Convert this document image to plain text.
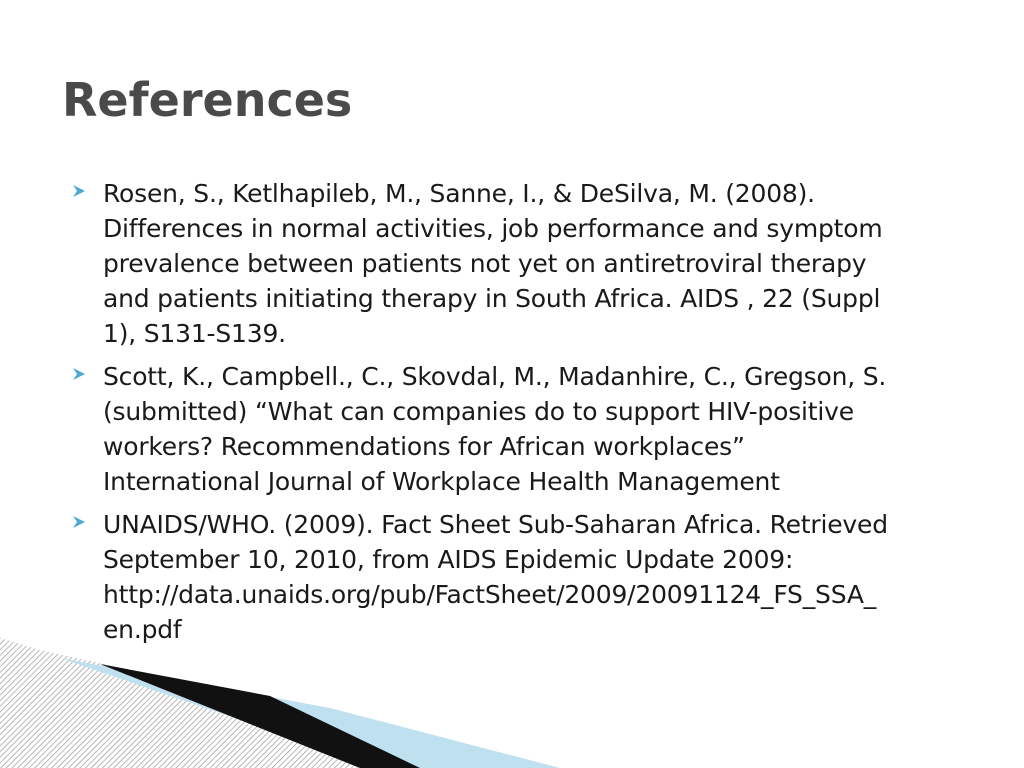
References
Rosen, S., Ketlhapileb, M., Sanne, I., & DeSilva, M. (2008).
Differences in normal activities, job performance and symptom
prevalence between patients not yet on antiretroviral therapy
and patients initiating therapy in South Africa. AIDS , 22 (Suppl
1), S131-S139.
Scott, K., Campbell., C., Skovdal, M., Madanhire, C., Gregson, S.
(submitted) “What can companies do to support HIV-positive
workers? Recommendations for African workplaces”
International Journal of Workplace Health Management
UNAIDS/WHO. (2009). Fact Sheet Sub-Saharan Africa. Retrieved
September 10, 2010, from AIDS Epidemic Update 2009:
http://data.unaids.org/pub/FactSheet/2009/20091124_FS_SSA_
en.pdf
